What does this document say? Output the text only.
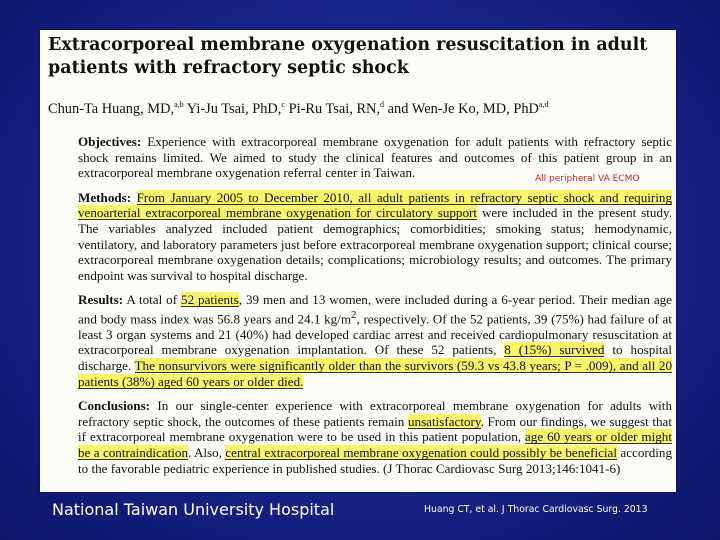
Extracorporeal membrane oxygenation resuscitation in adult patients with refractory septic shock
Chun-Ta Huang, MD,$^{a,b}$ Yi-Ju Tsai, PhD,$^c$ Pi-Ru Tsai, RN,$^d$ and Wen-Je Ko, MD, PhD$^{a,d}$

Objectives: Experience with extracorporeal membrane oxygenation for adult patients with refractory septic shock remains limited. We aimed to study the clinical features and outcomes of this patient group in an extracorporeal membrane oxygenation referral center in Taiwan.

Methods: From January 2005 to December 2010, all adult patients in refractory septic shock and requiring venoarterial extracorporeal membrane oxygenation for circulatory support were included in the present study. The variables analyzed included patient demographics; comorbidities; smoking status; hemodynamic, ventilatory, and laboratory parameters just before extracorporeal membrane oxygenation support; clinical course; extracorporeal membrane oxygenation details; complications; microbiology results; and outcomes. The primary endpoint was survival to hospital discharge.

Results: A total of 52 patients, 39 men and 13 women, were included during a 6-year period. Their median age and body mass index was 56.8 years and 24.1 $kg/m^2$, respectively. Of the 52 patients, 39 (75%) had failure of at least 3 organ systems and 21 (40%) had developed cardiac arrest and received cardiopulmonary resuscitation at extracorporeal membrane oxygenation implantation. Of these 52 patients, 8 (15%) survived to hospital discharge. The nonsurvivors were significantly older than the survivors (59.3 vs 43.8 years; P = .009), and all 20 patients (38%) aged 60 years or older died.

Conclusions: In our single-center experience with extracorporeal membrane oxygenation for adults with refractory septic shock, the outcomes of these patients remain unsatisfactory. From our findings, we suggest that if extracorporeal membrane oxygenation were to be used in this patient population, age 60 years or older might be a contraindication. Also, central extracorporeal membrane oxygenation could possibly be beneficial according to the favorable pediatric experience in published studies. (J Thorac Cardiovasc Surg 2013;146:1041-6)

All peripheral VA ECMO
National Taiwan University Hospital	Huang CT, et al. J Thorac Cardiovasc Surg. 2013
